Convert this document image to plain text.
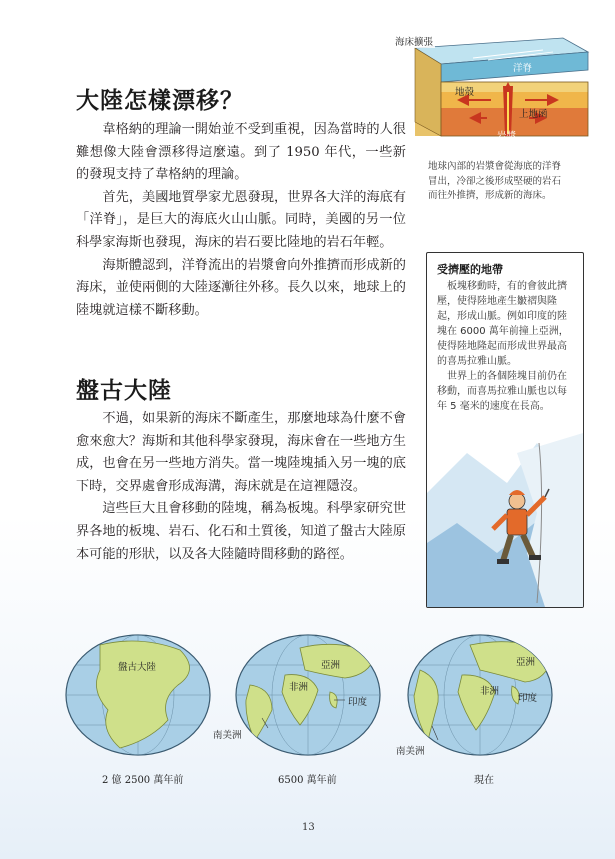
大陸怎樣漂移？

韋格納的理論一開始並不受到重視，因為當時的人很難想像大陸會漂移得這麼遠。到了 1950 年代，一些新的發現支持了韋格納的理論。

首先，美國地質學家尤恩發現，世界各大洋的海底有「洋脊」，是巨大的海底火山山脈。同時，美國的另一位科學家海斯也發現，海床的岩石要比陸地的岩石年輕。

海斯體認到，洋脊流出的岩漿會向外推擠而形成新的海床，並使兩側的大陸逐漸往外移。長久以來，地球上的陸塊就這樣不斷移動。

盤古大陸

不過，如果新的海床不斷產生，那麼地球為什麼不會愈來愈大？海斯和其他科學家發現，海床會在一些地方生成，也會在另一些地方消失。當一塊陸塊插入另一塊的底下時，交界處會形成海溝，海床就是在這裡隱沒。

這些巨大且會移動的陸塊，稱為板塊。科學家研究世界各地的板塊、岩石、化石和土質後，知道了盤古大陸原本可能的形狀，以及各大陸隨時間移動的路徑。

海床擴張
洋脊
地殼
上地函
岩漿
地球內部的岩漿會從海底的洋脊冒出，冷卻之後形成堅硬的岩石而往外推擠，形成新的海床。
受擠壓的地帶

板塊移動時，有的會彼此擠壓，使得陸地產生皺褶與隆起，形成山脈。例如印度的陸塊在 6000 萬年前撞上亞洲，使得陸地隆起而形成世界最高的喜馬拉雅山脈。

世界上的各個陸塊目前仍在移動，而喜馬拉雅山脈也以每年 5 毫米的速度在長高。

盤古大陸	亞洲
非洲
印度
南美洲
亞洲
非洲
印度
南美洲
2 億 2500 萬年前	6500 萬年前	現在
13
